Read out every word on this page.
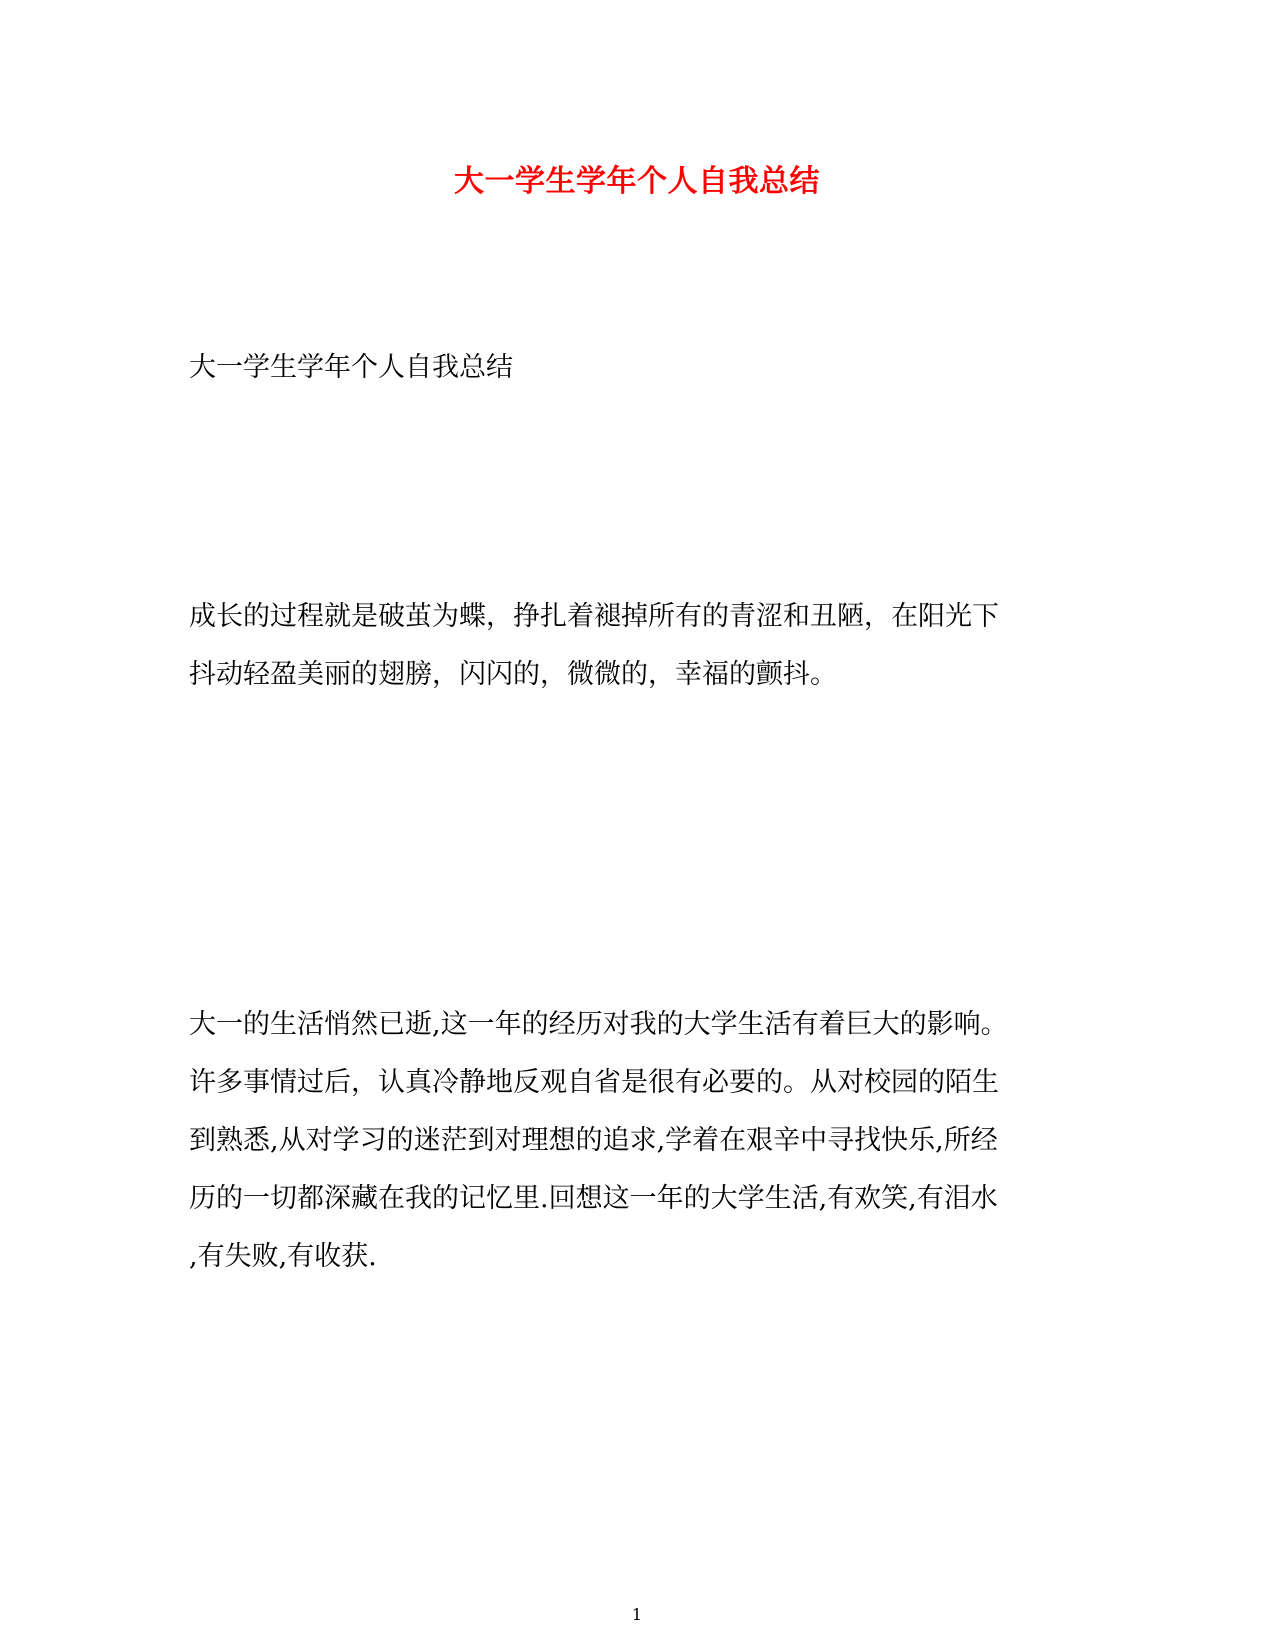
大一学生学年个人自我总结
大一学生学年个人自我总结
成长的过程就是破茧为蝶，挣扎着褪掉所有的青涩和丑陋，在阳光下
抖动轻盈美丽的翅膀，闪闪的，微微的，幸福的颤抖。
大一的生活悄然已逝,这一年的经历对我的大学生活有着巨大的影响。
许多事情过后，认真冷静地反观自省是很有必要的。从对校园的陌生
到熟悉,从对学习的迷茫到对理想的追求,学着在艰辛中寻找快乐,所经
历的一切都深藏在我的记忆里.回想这一年的大学生活,有欢笑,有泪水
,有失败,有收获.
1
